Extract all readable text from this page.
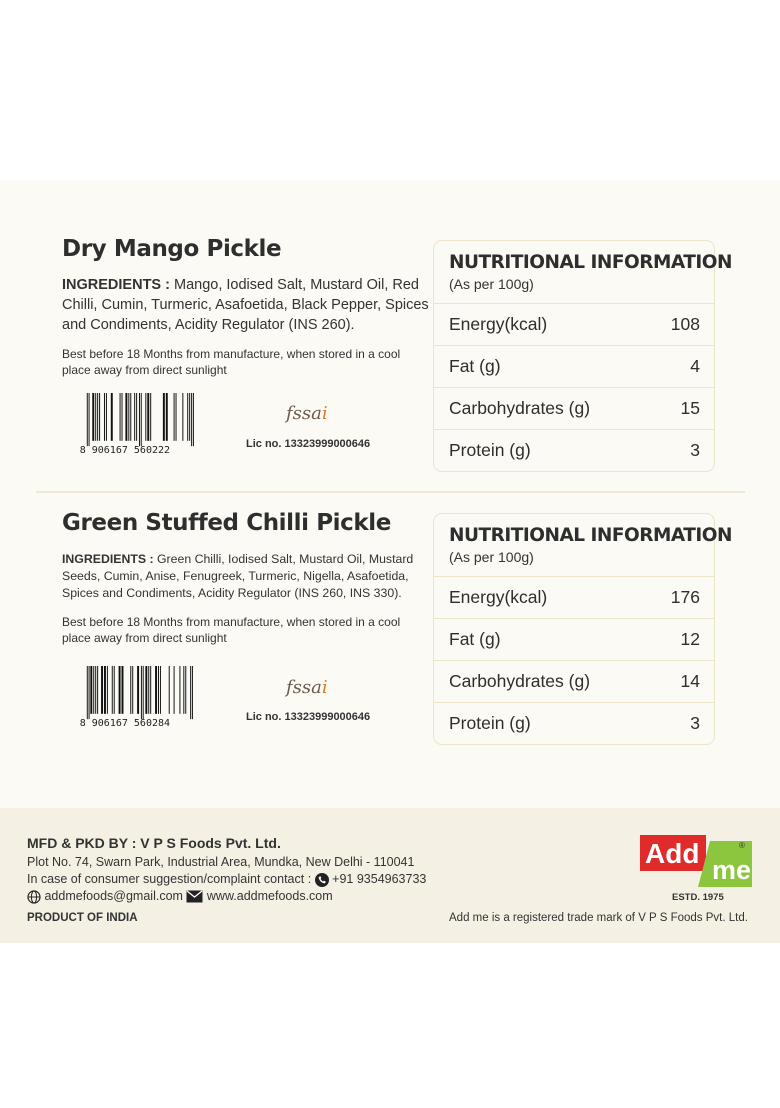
Dry Mango Pickle
INGREDIENTS : Mango, Iodised Salt, Mustard Oil, Red Chilli, Cumin, Turmeric, Asafoetida, Black Pepper, Spices and Condiments, Acidity Regulator (INS 260).
Best before 18 Months from manufacture, when stored in a cool place away from direct sunlight
8 906167 560222
fssai
Lic no. 13323999000646
NUTRITIONAL INFORMATION
(As per 100g)
Energy(kcal)	108
Fat (g)	4
Carbohydrates (g)	15
Protein (g)	3
Green Stuffed Chilli Pickle
INGREDIENTS : Green Chilli, Iodised Salt, Mustard Oil, Mustard Seeds, Cumin, Anise, Fenugreek, Turmeric, Nigella, Asafoetida, Spices and Condiments, Acidity Regulator (INS 260, INS 330).
Best before 18 Months from manufacture, when stored in a cool place away from direct sunlight
8 906167 560284
fssai
Lic no. 13323999000646
NUTRITIONAL INFORMATION
(As per 100g)
Energy(kcal)	176
Fat (g)	12
Carbohydrates (g)	14
Protein (g)	3
MFD & PKD BY : V P S Foods Pvt. Ltd.
Plot No. 74, Swarn Park, Industrial Area, Mundka, New Delhi - 110041
In case of consumer suggestion/complaint contact : +91 9354963733
addmefoods@gmail.com www.addmefoods.com
PRODUCT OF INDIA	Add me is a registered trade mark of V P S Foods Pvt. Ltd.
Add
me
®
ESTD. 1975
